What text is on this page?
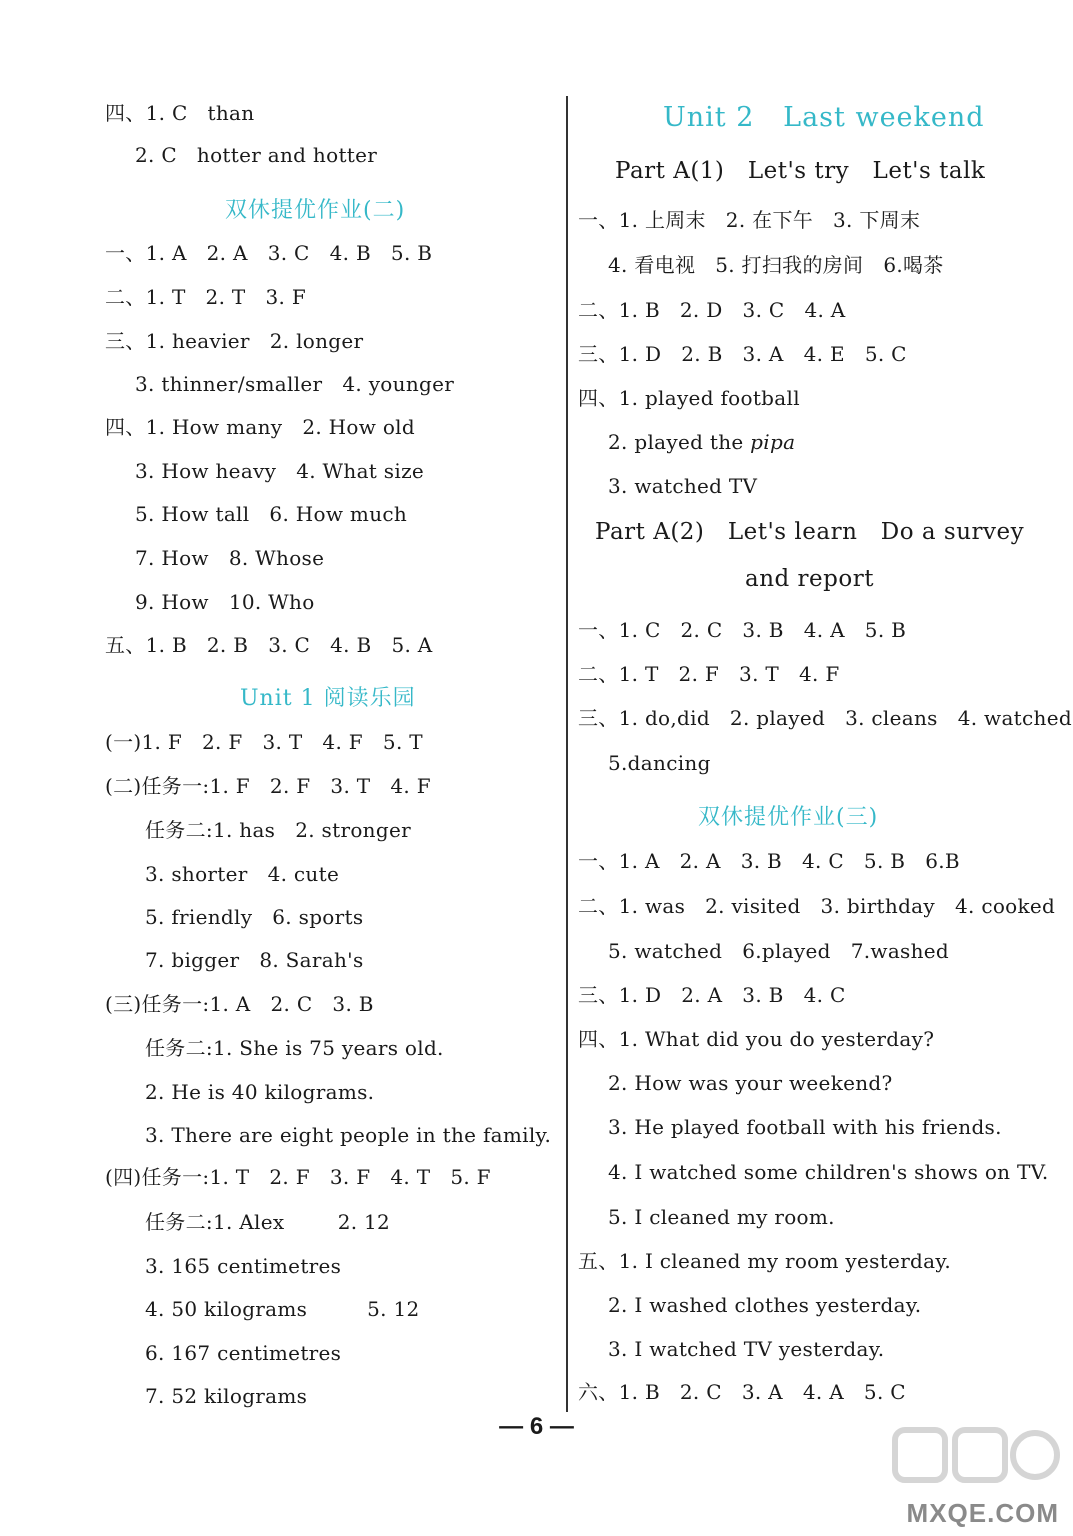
四、1. C   than
2. C   hotter and hotter
双休提优作业(二)
一、1. A   2. A   3. C   4. B   5. B
二、1. T   2. T   3. F
三、1. heavier   2. longer
3. thinner/smaller   4. younger
四、1. How many   2. How old
3. How heavy   4. What size
5. How tall   6. How much
7. How   8. Whose
9. How   10. Who
五、1. B   2. B   3. C   4. B   5. A
Unit 1 阅读乐园
(一)1. F   2. F   3. T   4. F   5. T
(二)任务一:1. F   2. F   3. T   4. F
任务二:1. has   2. stronger
3. shorter   4. cute
5. friendly   6. sports
7. bigger   8. Sarah's
(三)任务一:1. A   2. C   3. B
任务二:1. She is 75 years old.
2. He is 40 kilograms.
3. There are eight people in the family.
(四)任务一:1. T   2. F   3. F   4. T   5. F
任务二:1. Alex        2. 12
3. 165 centimetres
4. 50 kilograms         5. 12
6. 167 centimetres
7. 52 kilograms
Unit 2   Last weekend
Part A(1)   Let's try   Let's talk
一、1. 上周末   2. 在下午   3. 下周末
4. 看电视   5. 打扫我的房间   6.喝茶
二、1. B   2. D   3. C   4. A
三、1. D   2. B   3. A   4. E   5. C
四、1. played football
2. played the pipa
3. watched TV
Part A(2)   Let's learn   Do a survey
and report
一、1. C   2. C   3. B   4. A   5. B
二、1. T   2. F   3. T   4. F
三、1. do,did   2. played   3. cleans   4. watched
5.dancing
双休提优作业(三)
一、1. A   2. A   3. B   4. C   5. B   6.B
二、1. was   2. visited   3. birthday   4. cooked
5. watched   6.played   7.washed
三、1. D   2. A   3. B   4. C
四、1. What did you do yesterday?
2. How was your weekend?
3. He played football with his friends.
4. I watched some children's shows on TV.
5. I cleaned my room.
五、1. I cleaned my room yesterday.
2. I washed clothes yesterday.
3. I watched TV yesterday.
六、1. B   2. C   3. A   4. A   5. C
— 6 —
MXQE.COM
